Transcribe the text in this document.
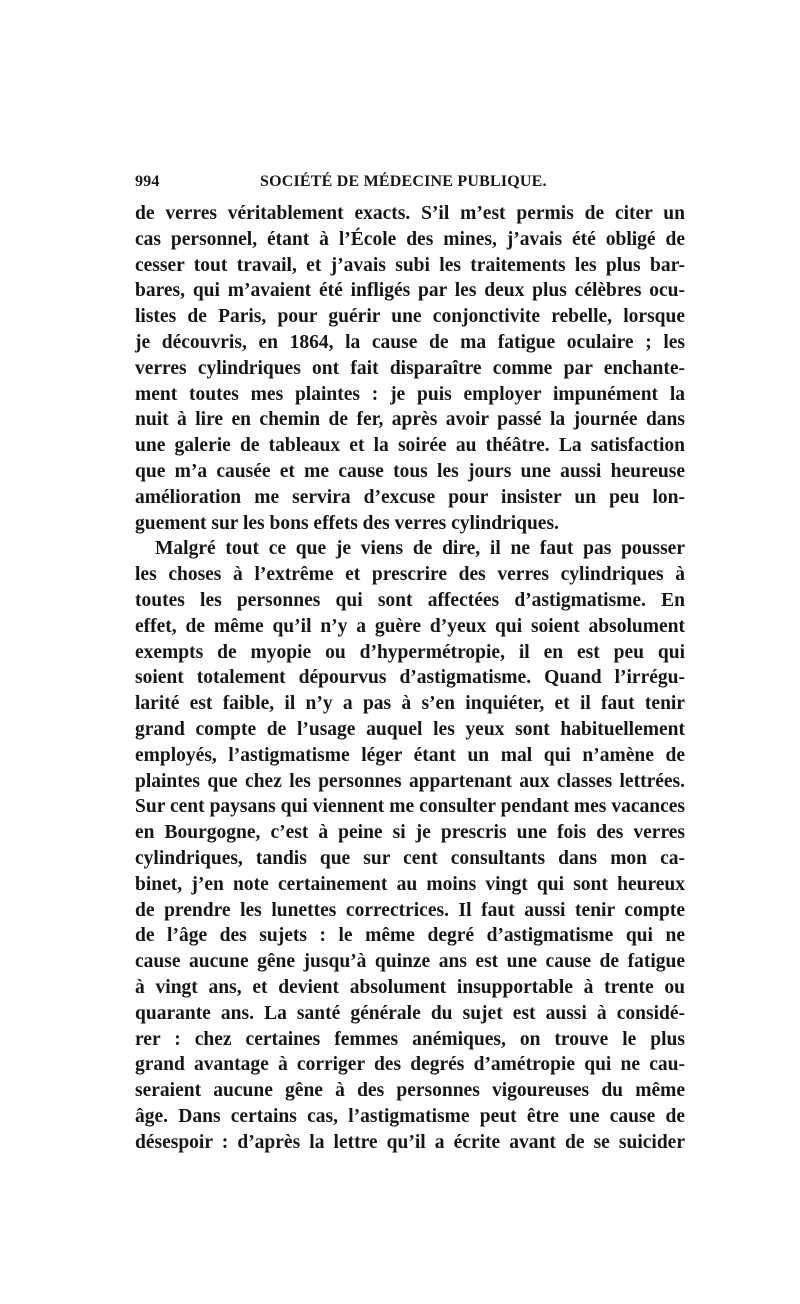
994	SOCIÉTÉ DE MÉDECINE PUBLIQUE.
de verres véritablement exacts. S’il m’est permis de citer un
cas personnel, étant à l’École des mines, j’avais été obligé de
cesser tout travail, et j’avais subi les traitements les plus bar-
bares, qui m’avaient été infligés par les deux plus célèbres ocu-
listes de Paris, pour guérir une conjonctivite rebelle, lorsque
je découvris, en 1864, la cause de ma fatigue oculaire ; les
verres cylindriques ont fait disparaître comme par enchante-
ment toutes mes plaintes : je puis employer impunément la
nuit à lire en chemin de fer, après avoir passé la journée dans
une galerie de tableaux et la soirée au théâtre. La satisfaction
que m’a causée et me cause tous les jours une aussi heureuse
amélioration me servira d’excuse pour insister un peu lon-
guement sur les bons effets des verres cylindriques.
Malgré tout ce que je viens de dire, il ne faut pas pousser
les choses à l’extrême et prescrire des verres cylindriques à
toutes les personnes qui sont affectées d’astigmatisme. En
effet, de même qu’il n’y a guère d’yeux qui soient absolument
exempts de myopie ou d’hypermétropie, il en est peu qui
soient totalement dépourvus d’astigmatisme. Quand l’irrégu-
larité est faible, il n’y a pas à s’en inquiéter, et il faut tenir
grand compte de l’usage auquel les yeux sont habituellement
employés, l’astigmatisme léger étant un mal qui n’amène de
plaintes que chez les personnes appartenant aux classes lettrées.
Sur cent paysans qui viennent me consulter pendant mes vacances
en Bourgogne, c’est à peine si je prescris une fois des verres
cylindriques, tandis que sur cent consultants dans mon ca-
binet, j’en note certainement au moins vingt qui sont heureux
de prendre les lunettes correctrices. Il faut aussi tenir compte
de l’âge des sujets : le même degré d’astigmatisme qui ne
cause aucune gêne jusqu’à quinze ans est une cause de fatigue
à vingt ans, et devient absolument insupportable à trente ou
quarante ans. La santé générale du sujet est aussi à considé-
rer : chez certaines femmes anémiques, on trouve le plus
grand avantage à corriger des degrés d’amétropie qui ne cau-
seraient aucune gêne à des personnes vigoureuses du même
âge. Dans certains cas, l’astigmatisme peut être une cause de
désespoir : d’après la lettre qu’il a écrite avant de se suicider
